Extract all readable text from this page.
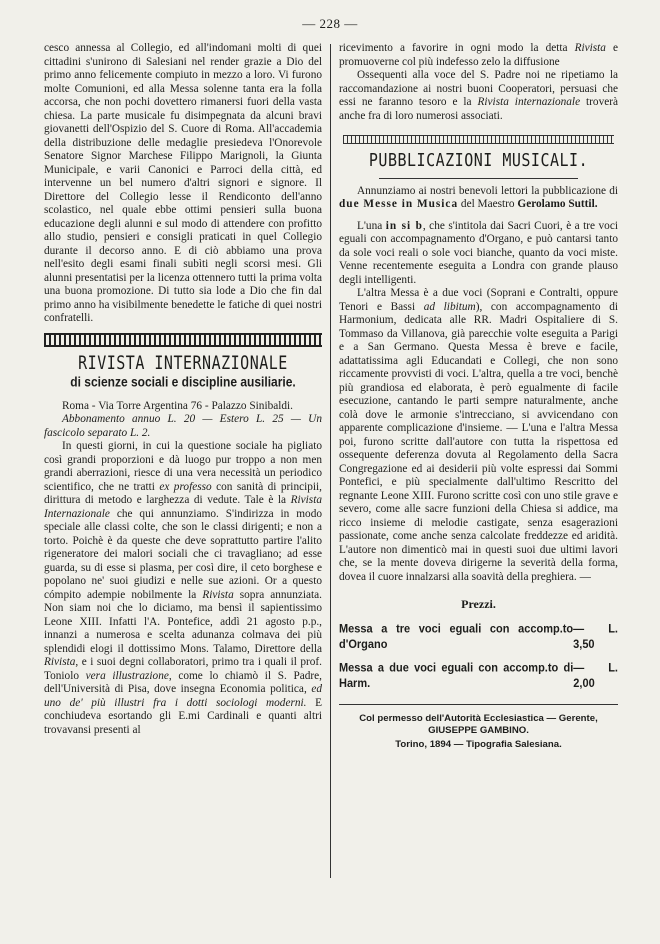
— 228 —

cesco annessa al Collegio, ed all'indomani molti di quei cittadini s'unirono di Salesiani nel render grazie a Dio del primo anno felicemente compiuto in mezzo a loro. Vi furono molte Comunioni, ed alla Messa solenne tanta era la folla accorsa, che non pochi dovettero rimanersi fuori della vasta chiesa. La parte musicale fu disimpegnata da alcuni bravi giovanetti dell'Ospizio del S. Cuore di Roma. All'accademia della distribuzione delle medaglie presiedeva l'Onorevole Senatore Signor Marchese Filippo Marignoli, la Giunta Municipale, e varii Canonici e Parroci della città, ed intervenne un bel numero d'altri signori e signore. Il Direttore del Collegio lesse il Rendiconto dell'anno scolastico, nel quale ebbe ottimi pensieri sulla buona educazione degli alunni e sul modo di attendere con profitto allo studio, pensieri e consigli praticati in quel Collegio durante il decorso anno. E di ciò abbiamo una prova nell'esito degli esami finali subìti negli scorsi mesi. Gli alunni presentatisi per la licenza ottennero tutti la prima volta una buona promozione. Di tutto sia lode a Dio che fin dal primo anno ha visibilmente benedette le fatiche di quei nostri confratelli.

RIVISTA INTERNAZIONALE
di scienze sociali e discipline ausiliarie.

Roma - Via Torre Argentina 76 - Palazzo Sinibaldi.

Abbonamento annuo L. 20 — Estero L. 25 — Un fascicolo separato L. 2.

In questi giorni, in cui la questione sociale ha pigliato così grandi proporzioni e dà luogo pur troppo a non men grandi aberrazioni, riesce di una vera necessità un periodico scientifico, che ne tratti ex professo con sanità di principii, dirittura di metodo e larghezza di vedute. Tale è la Rivista Internazionale che qui annunziamo. S'indirizza in modo speciale alle classi colte, che son le classi dirigenti; e non a torto. Poichè è da queste che deve soprattutto partire l'alito rigeneratore dei malori sociali che ci travagliano; ad esse guarda, su di esse si plasma, per così dire, il ceto borghese e popolano ne' suoi giudizi e nelle sue azioni. Or a questo cómpito adempie nobilmente la Rivista sopra annunziata. Non siam noi che lo diciamo, ma bensì il sapientissimo Leone XIII. Infatti l'A. Pontefice, addì 21 agosto p.p., innanzi a numerosa e scelta adunanza colmava dei più splendidi elogi il dottissimo Mons. Talamo, Direttore della Rivista, e i suoi degni collaboratori, primo tra i quali il prof. Toniolo vera illustrazione, come lo chiamò il S. Padre, dell'Università di Pisa, dove insegna Economia politica, ed uno de' più illustri fra i dotti sociologi moderni. E conchiudeva esortando gli E.mi Cardinali e quanti altri trovavansi presenti al

ricevimento a favorire in ogni modo la detta Rivista e promuoverne col più indefesso zelo la diffusione

Ossequenti alla voce del S. Padre noi ne ripetiamo la raccomandazione ai nostri buoni Cooperatori, persuasi che essi ne faranno tesoro e la Rivista internazionale troverà anche fra di loro numerosi associati.

PUBBLICAZIONI MUSICALI.

Annunziamo ai nostri benevoli lettori la pubblicazione di due Messe in Musica del Maestro Gerolamo Suttil.

L'una in si b, che s'intitola dai Sacri Cuori, è a tre voci eguali con accompagnamento d'Organo, e può cantarsi tanto da sole voci reali o sole voci bianche, quanto da voci miste. Venne recentemente eseguita a Londra con grande plauso degli intelligenti.

L'altra Messa è a due voci (Soprani e Contralti, oppure Tenori e Bassi ad libitum), con accompagnamento di Harmonium, dedicata alle RR. Madri Ospitaliere di S. Tommaso da Villanova, già parecchie volte eseguita a Parigi e a San Germano. Questa Messa è breve e facile, adattatissima agli Educandati e Collegi, che non sono riccamente provvisti di voci. L'altra, quella a tre voci, benchè più grandiosa ed elaborata, è però egualmente di facile esecuzione, cantando le parti sempre naturalmente, anche colà dove le armonie s'intrecciano, si avvicendano con apparente complicazione d'insieme. — L'una e l'altra Messa poi, furono scritte dall'autore con tutta la rispettosa ed ossequente deferenza dovuta al Regolamento della Sacra Congregazione ed ai desiderii più volte espressi dai Sommi Pontefici, e più specialmente dall'ultimo Rescritto del regnante Leone XIII. Furono scritte così con uno stile grave e severo, come alle sacre funzioni della Chiesa si addice, ma ricco insieme di melodie castigate, senza esagerazioni passionate, come anche senza calcolate freddezze ed aridità. L'autore non dimenticò mai in questi suoi due ultimi lavori che, se la mente doveva dirigerne la severità della forma, dovea il cuore innalzarsi alla soavità della preghiera. —

Prezzi.
Messa a tre voci eguali con accomp.to d'Organo
— L. 3,50
Messa a due voci eguali con accomp.to di Harm.
— L. 2,00
Col permesso dell'Autorità Ecclesiastica — Gerente, GIUSEPPE GAMBINO.
Torino, 1894 — Tipografia Salesiana.
